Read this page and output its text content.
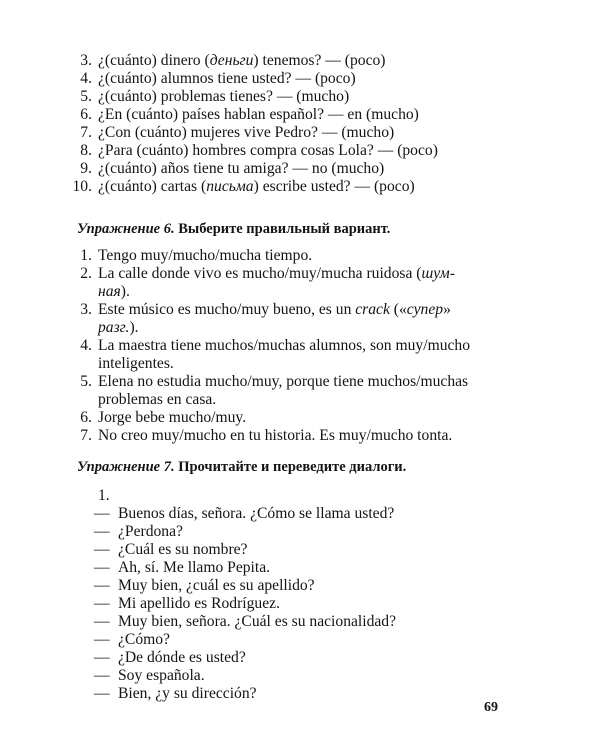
3. ¿(cuánto) dinero (деньги) tenemos? — (poco)
4. ¿(cuánto) alumnos tiene usted? — (poco)
5. ¿(cuánto) problemas tienes? — (mucho)
6. ¿En (cuánto) países hablan español? — en (mucho)
7. ¿Con (cuánto) mujeres vive Pedro? — (mucho)
8. ¿Para (cuánto) hombres compra cosas Lola? — (poco)
9. ¿(cuánto) años tiene tu amiga? — no (mucho)
10. ¿(cuánto) cartas (письма) escribe usted? — (poco)
Упражнение 6. Выберите правильный вариант.
1. Tengo muy/mucho/mucha tiempo.
2. La calle donde vivo es mucho/muy/mucha ruidosa (шум-
ная).
3. Este músico es mucho/muy bueno, es un crack («супер»
разг.).
4. La maestra tiene muchos/muchas alumnos, son muy/mucho
inteligentes.
5. Elena no estudia mucho/muy, porque tiene muchos/muchas
problemas en casa.
6. Jorge bebe mucho/muy.
7. No creo muy/mucho en tu historia. Es muy/mucho tonta.
Упражнение 7. Прочитайте и переведите диалоги.
1.
— Buenos días, señora. ¿Cómo se llama usted?
— ¿Perdona?
— ¿Cuál es su nombre?
— Ah, sí. Me llamo Pepita.
— Muy bien, ¿cuál es su apellido?
— Mi apellido es Rodríguez.
— Muy bien, señora. ¿Cuál es su nacionalidad?
— ¿Cómo?
— ¿De dónde es usted?
— Soy española.
— Bien, ¿y su dirección?
69
